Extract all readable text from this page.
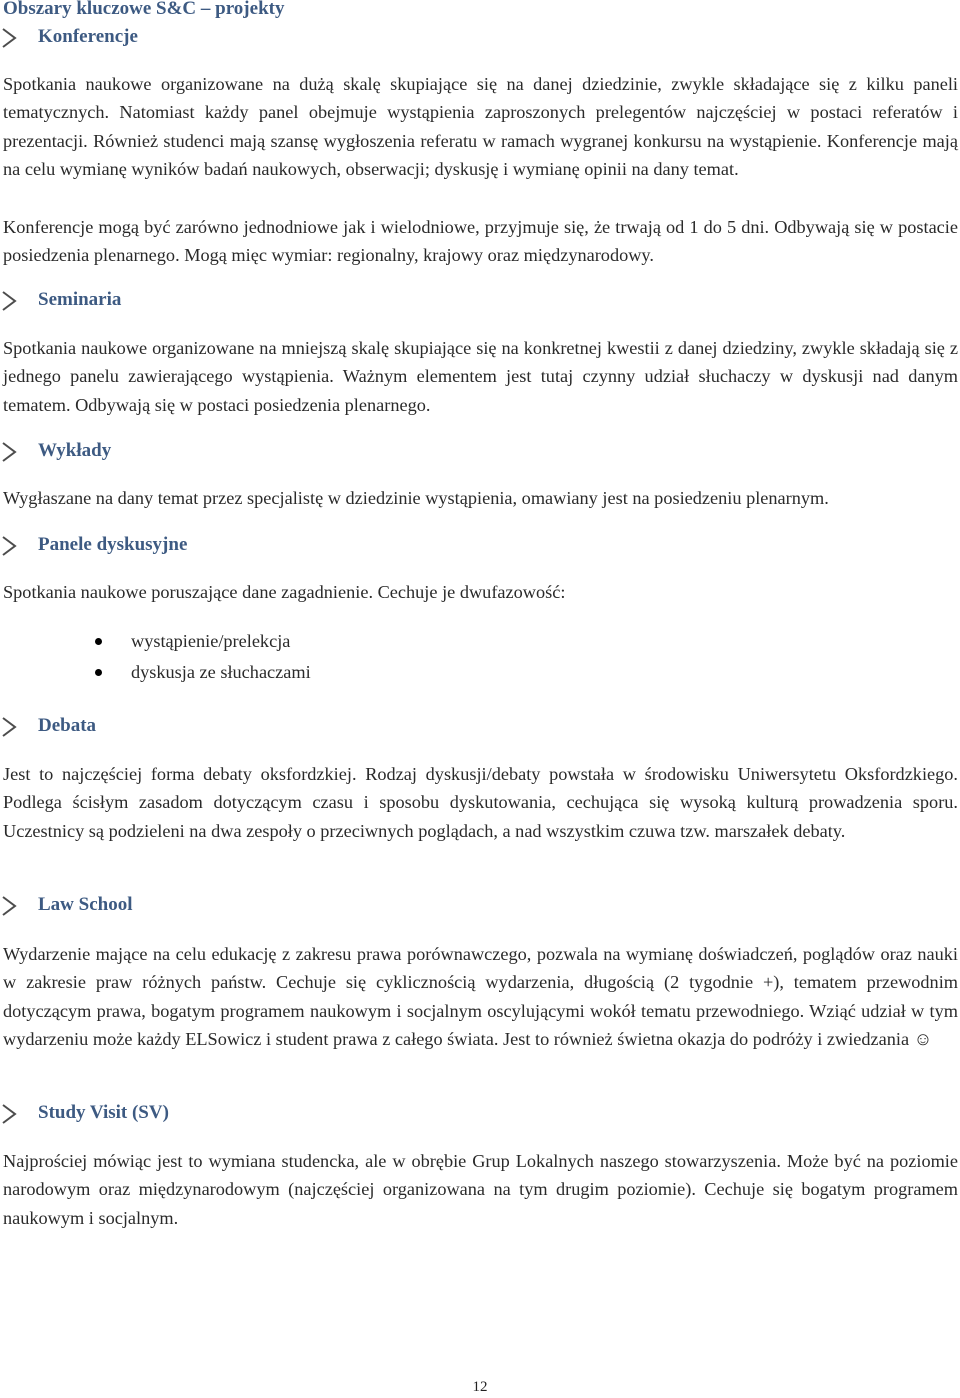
Obszary kluczowe S&C – projekty
Konferencje

Spotkania naukowe organizowane na dużą skalę skupiające się na danej dziedzinie, zwykle składające się z kilku paneli tematycznych. Natomiast każdy panel obejmuje wystąpienia zaproszonych prelegentów najczęściej w postaci referatów i prezentacji. Również studenci mają szansę wygłoszenia referatu w ramach wygranej konkursu na wystąpienie. Konferencje mają na celu wymianę wyników badań naukowych, obserwacji; dyskusję i wymianę opinii na dany temat.

Konferencje mogą być zarówno jednodniowe jak i wielodniowe, przyjmuje się, że trwają od 1 do 5 dni. Odbywają się w postacie posiedzenia plenarnego. Mogą mięc wymiar: regionalny, krajowy oraz międzynarodowy.

Seminaria

Spotkania naukowe organizowane na mniejszą skalę skupiające się na konkretnej kwestii z danej dziedziny, zwykle składają się z jednego panelu zawierającego wystąpienia. Ważnym elementem jest tutaj czynny udział słuchaczy w dyskusji nad danym tematem. Odbywają się w postaci posiedzenia plenarnego.

Wykłady

Wygłaszane na dany temat przez specjalistę w dziedzinie wystąpienia, omawiany jest na posiedzeniu plenarnym.

Panele dyskusyjne

Spotkania naukowe poruszające dane zagadnienie. Cechuje je dwufazowość:

wystąpienie/prelekcja
dyskusja ze słuchaczami
Debata

Jest to najczęściej forma debaty oksfordzkiej. Rodzaj dyskusji/debaty powstała w środowisku Uniwersytetu Oksfordzkiego. Podlega ścisłym zasadom dotyczącym czasu i sposobu dyskutowania, cechująca się wysoką kulturą prowadzenia sporu. Uczestnicy są podzieleni na dwa zespoły o przeciwnych poglądach, a nad wszystkim czuwa tzw. marszałek debaty.

Law School

Wydarzenie mające na celu edukację z zakresu prawa porównawczego, pozwala na wymianę doświadczeń, poglądów oraz nauki w zakresie praw różnych państw. Cechuje się cyklicznością wydarzenia, długością (2 tygodnie +), tematem przewodnim dotyczącym prawa, bogatym programem naukowym i socjalnym oscylującymi wokół tematu przewodniego. Wziąć udział w tym wydarzeniu może każdy ELSowicz i student prawa z całego świata. Jest to również świetna okazja do podróży i zwiedzania ☺

Study Visit (SV)

Najprościej mówiąc jest to wymiana studencka, ale w obrębie Grup Lokalnych naszego stowarzyszenia. Może być na poziomie narodowym oraz międzynarodowym (najczęściej organizowana na tym drugim poziomie). Cechuje się bogatym programem naukowym i socjalnym.

12
